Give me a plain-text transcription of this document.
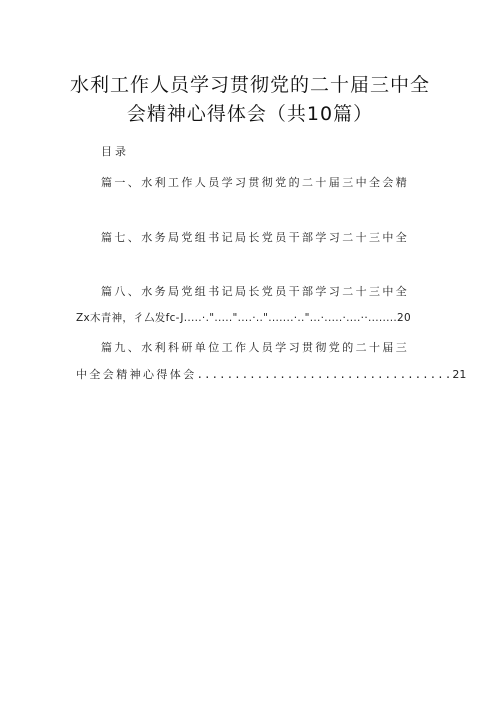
水利工作人员学习贯彻党的二十届三中全
会精神心得体会（共10篇）
目录
篇一、水利工作人员学习贯彻党的二十届三中全会精
篇七、水务局党组书记局长党员干部学习二十三中全
篇八、水务局党组书记局长党员干部学习二十三中全
Zx木青神，彳厶发fc-J.....·."....."....·..".......·.."...·.....·....··........20
篇九、水利科研单位工作人员学习贯彻党的二十届三
中全会精神心得体会..................................21
